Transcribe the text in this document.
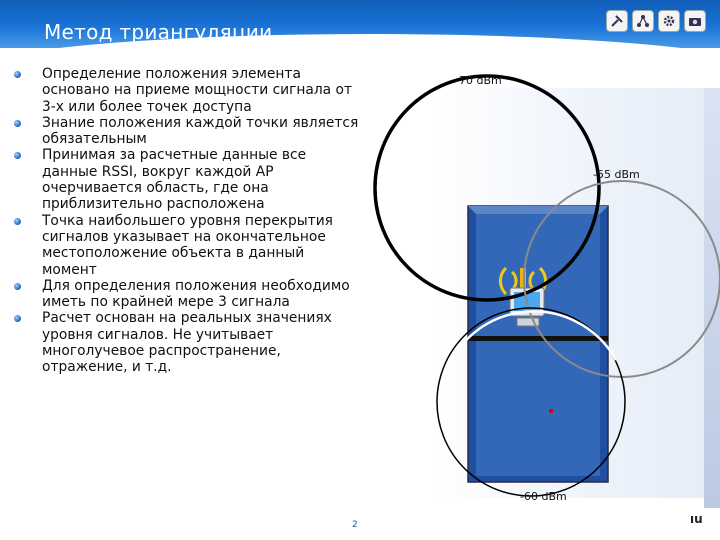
Метод триангуляции
Определение положения элемента основано на приеме мощности сигнала от 3-х или более точек доступа
Знание положения каждой точки является обязательным
Принимая за расчетные данные все данные RSSI, вокруг каждой AP очерчивается область, где она приблизительно расположена
Точка наибольшего уровня перекрытия сигналов указывает на окончательное местоположение объекта в данный момент
Для определения положения необходимо иметь по крайней мере 3 сигнала
Расчет основан на реальных значениях уровня сигналов. Не учитывает многолучевое распространение, отражение, и т.д.
-70 dBm
-55 dBm
-60 dBm
2	ıu
